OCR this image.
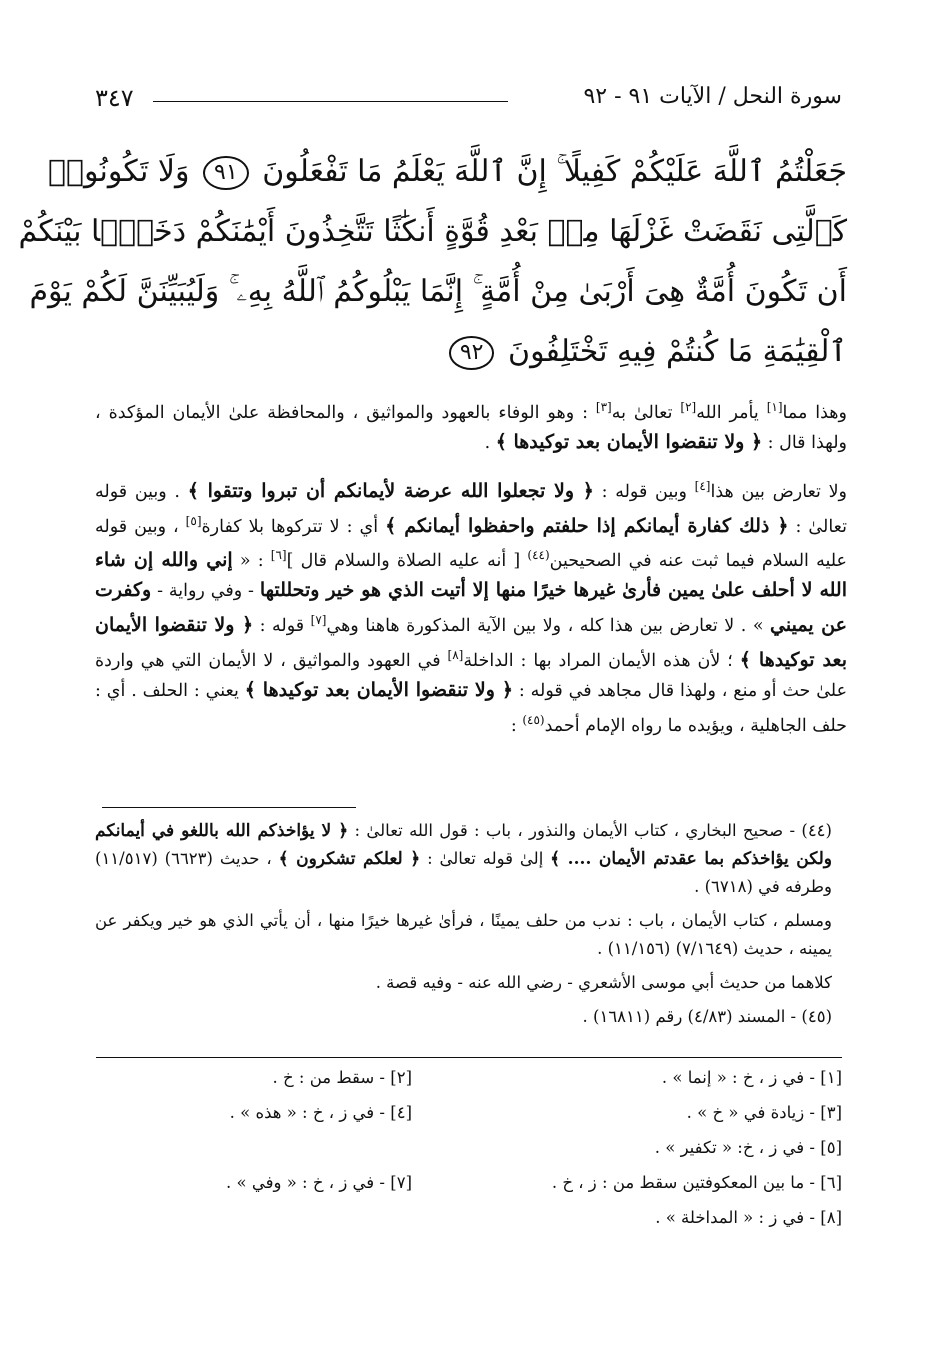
سورة النحل / الآيات ٩١ - ٩٢
٣٤٧
جَعَلْتُمُ ٱللَّهَ عَلَيْكُمْ كَفِيلًا ۚ إِنَّ ٱللَّهَ يَعْلَمُ مَا تَفْعَلُونَ ٩١ وَلَا تَكُونُوا۟
كَٱلَّتِى نَقَضَتْ غَزْلَهَا مِنۢ بَعْدِ قُوَّةٍ أَنكَٰثًا تَتَّخِذُونَ أَيْمَٰنَكُمْ دَخَلًۢا بَيْنَكُمْ
أَن تَكُونَ أُمَّةٌ هِىَ أَرْبَىٰ مِنْ أُمَّةٍ ۚ إِنَّمَا يَبْلُوكُمُ ٱللَّهُ بِهِۦ ۚ وَلَيُبَيِّنَنَّ لَكُمْ يَوْمَ
ٱلْقِيَٰمَةِ مَا كُنتُمْ فِيهِ تَخْتَلِفُونَ ٩٢

وهذا مما[١] يأمر الله[٢] تعالىٰ به[٣] : وهو الوفاء بالعهود والمواثيق ، والمحافظة علىٰ الأيمان المؤكدة ، ولهذا قال : ﴿ ولا تنقضوا الأيمان بعد توكيدها ﴾ .

ولا تعارض بين هذا[٤] وبين قوله : ﴿ ولا تجعلوا الله عرضة لأيمانكم أن تبروا وتتقوا ﴾ . وبين قوله تعالىٰ : ﴿ ذلك كفارة أيمانكم إذا حلفتم واحفظوا أيمانكم ﴾ أي : لا تتركوها بلا كفارة[٥] ، وبين قوله عليه السلام فيما ثبت عنه في الصحيحين$^{(٤٤)}$ [ أنه عليه الصلاة والسلام قال ][٦] : « إني والله إن شاء الله لا أحلف علىٰ يمين فأرىٰ غيرها خيرًا منها إلا أتيت الذي هو خير وتحللتها - وفي رواية - وكفرت عن يميني » . لا تعارض بين هذا كله ، ولا بين الآية المذكورة هاهنا وهي[٧] قوله : ﴿ ولا تنقضوا الأيمان بعد توكيدها ﴾ ؛ لأن هذه الأيمان المراد بها : الداخلة[٨] في العهود والمواثيق ، لا الأيمان التي هي واردة علىٰ حث أو منع ، ولهذا قال مجاهد في قوله : ﴿ ولا تنقضوا الأيمان بعد توكيدها ﴾ يعني : الحلف . أي : حلف الجاهلية ، ويؤيده ما رواه الإمام أحمد$^{(٤٥)}$ :

(٤٤) - صحيح البخاري ، كتاب الأيمان والنذور ، باب : قول الله تعالىٰ : ﴿ لا يؤاخذكم الله باللغو في أيمانكم ولكن يؤاخذكم بما عقدتم الأيمان .... ﴾ إلىٰ قوله تعالىٰ : ﴿ لعلكم تشكرون ﴾ ، حديث (٦٦٢٣) (١١/٥١٧) وطرفه في (٦٧١٨) .

ومسلم ، كتاب الأيمان ، باب : ندب من حلف يمينًا ، فرأىٰ غيرها خيرًا منها ، أن يأتي الذي هو خير ويكفر عن يمينه ، حديث (٧/١٦٤٩) (١١/١٥٦) .

كلاهما من حديث أبي موسى الأشعري - رضي الله عنه - وفيه قصة .

(٤٥) - المسند (٤/٨٣) رقم (١٦٨١١) .

[١] - في ز ، خ : « إنما » .
[٢] - سقط من : خ .
[٣] - زيادة في « خ » .
[٤] - في ز ، خ : « هذه » .
[٥] - في ز ، خ: « تكفير » .
[٦] - ما بين المعكوفتين سقط من : ز ، خ .
[٧] - في ز ، خ : « وفي » .
[٨] - في ز : « المداخلة » .
